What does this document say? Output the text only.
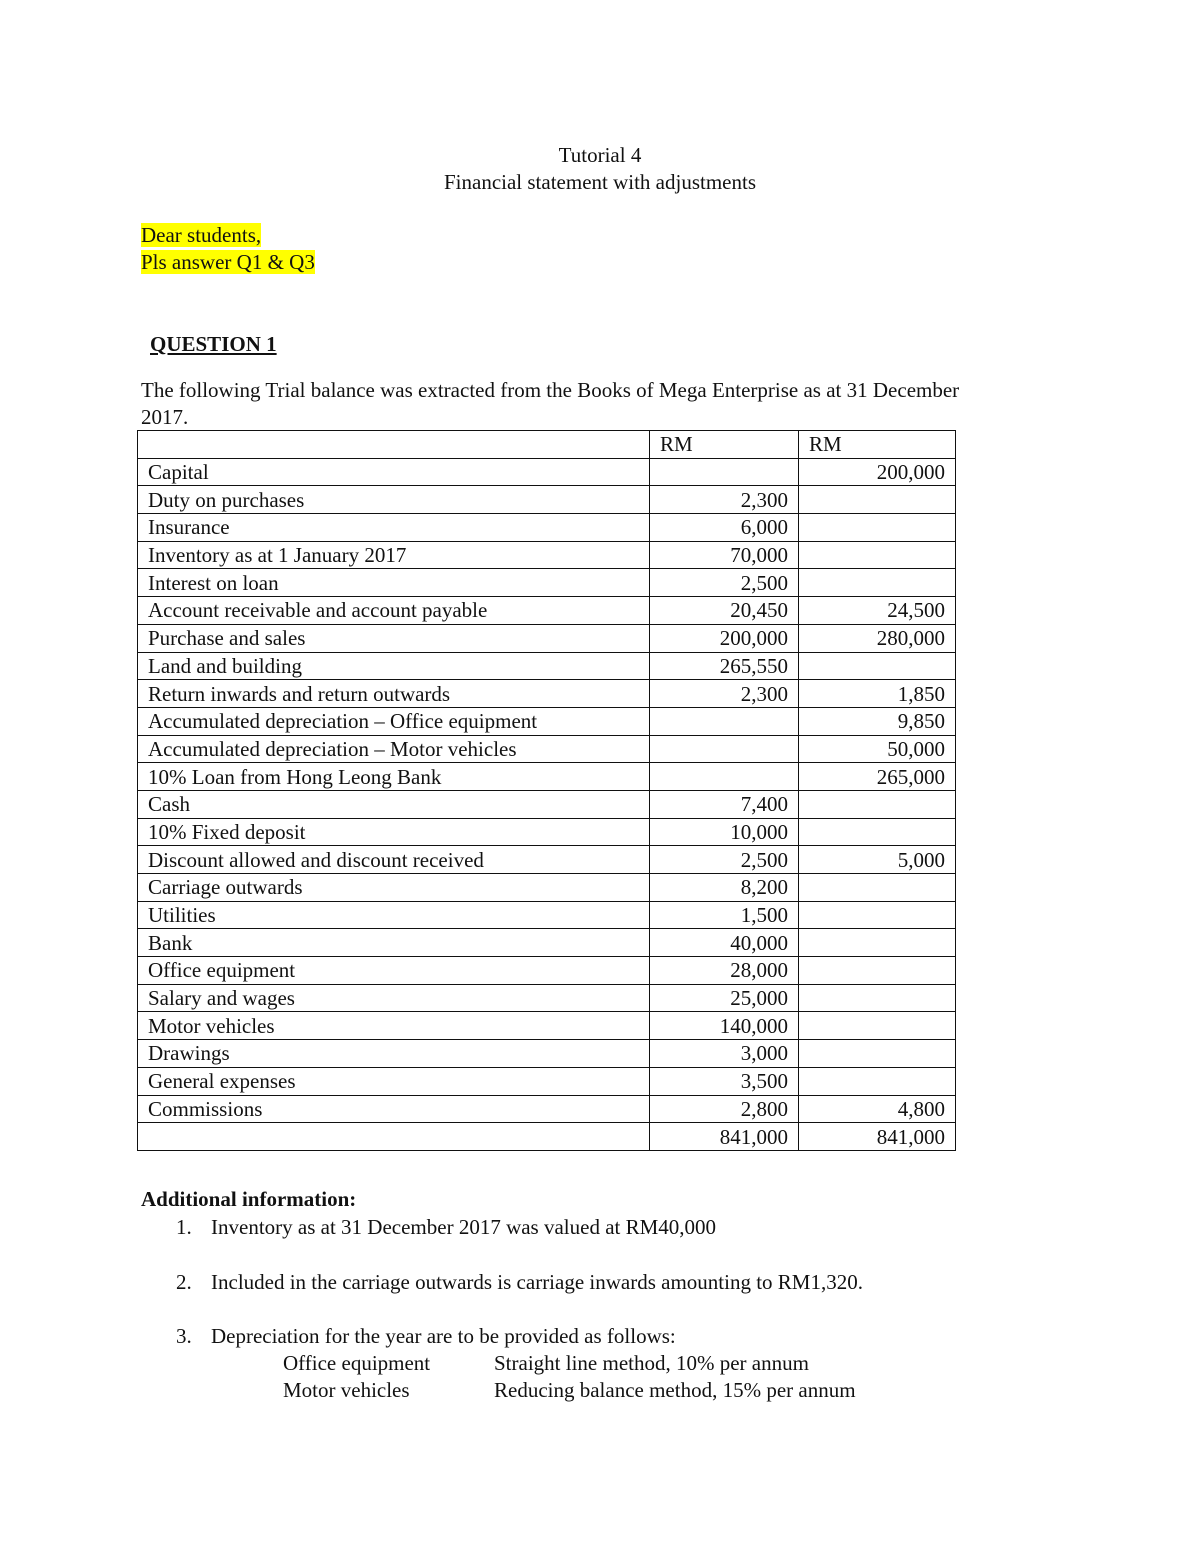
Tutorial 4
Financial statement with adjustments
Dear students,
Pls answer Q1 & Q3
QUESTION 1
The following Trial balance was extracted from the Books of Mega Enterprise as at 31 December 2017.
	RM	RM
Capital		200,000
Duty on purchases	2,300	
Insurance	6,000	
Inventory as at 1 January 2017	70,000	
Interest on loan	2,500	
Account receivable and account payable	20,450	24,500
Purchase and sales	200,000	280,000
Land and building	265,550	
Return inwards and return outwards	2,300	1,850
Accumulated depreciation – Office equipment		9,850
Accumulated depreciation – Motor vehicles		50,000
10% Loan from Hong Leong Bank		265,000
Cash	7,400	
10% Fixed deposit	10,000	
Discount allowed and discount received	2,500	5,000
Carriage outwards	8,200	
Utilities	1,500	
Bank	40,000	
Office equipment	28,000	
Salary and wages	25,000	
Motor vehicles	140,000	
Drawings	3,000	
General expenses	3,500	
Commissions	2,800	4,800
	841,000	841,000
Additional information:
1. Inventory as at 31 December 2017 was valued at RM40,000
2. Included in the carriage outwards is carriage inwards amounting to RM1,320.
3. Depreciation for the year are to be provided as follows:
Office equipment	Straight line method, 10% per annum
Motor vehicles	Reducing balance method, 15% per annum
